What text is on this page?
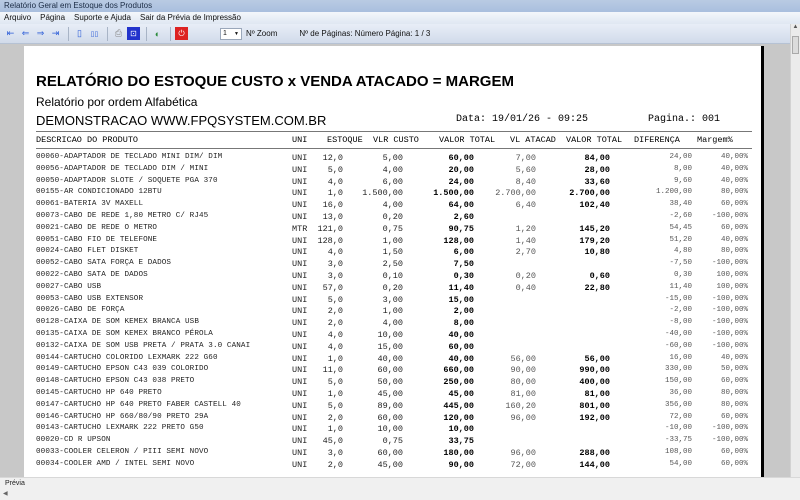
Relatório Geral em Estoque dos Produtos
Arquivo Página Suporte e Ajuda Sair da Prévia de Impressão
⇤ ⇐ ⇒ ⇥	▯	▯▯	⎙	⊡	◐	⏻	1 ▼ Nº Zoom	Nº de Páginas: Número Página: 1 / 3
RELATÓRIO DO ESTOQUE CUSTO x VENDA ATACADO = MARGEM
Relatório por ordem Alfabética
DEMONSTRACAO WWW.FPQSYSTEM.COM.BR	Data: 19/01/26 - 09:25	Pagina.: 001
DESCRICAO DO PRODUTO	UNI ESTOQUE VLR CUSTO VALOR TOTAL VL ATACAD VALOR TOTAL DIFERENÇA Margem%
00060-ADAPTADOR DE TECLADO MINI DIM/ DIM	UNI 12,0	5,00	60,00	7,00	84,00	24,00	40,00%
00056-ADAPTADOR DE TECLADO DIM / MINI	UNI 5,0	4,00	20,00	5,60	28,00	8,00	40,00%
00050-ADAPTADOR SLOTE / SOQUETE PGA 370	UNI 4,0	6,00	24,00	8,40	33,60	9,60	40,00%
00155-AR CONDICIONADO 12BTU	UNI 1,0 1.500,00	1.500,00 2.700,00	2.700,00	1.200,00	80,00%
00061-BATERIA 3V MAXELL	UNI 16,0	4,00	64,00	6,40	102,40	38,40	60,00%
00073-CABO DE REDE 1,80 METRO C/ RJ45	UNI 13,0	0,20	2,60	-2,60	-100,00%
00021-CABO DE REDE O METRO	MTR 121,0	0,75	90,75	1,20	145,20	54,45	60,00%
00051-CABO FIO DE TELEFONE	UNI 128,0	1,00	128,00	1,40	179,20	51,20	40,00%
00024-CABO FLET DISKET	UNI 4,0	1,50	6,00	2,70	10,80	4,80	80,00%
00052-CABO SATA FORÇA E DADOS	UNI 3,0	2,50	7,50	-7,50	-100,00%
00022-CABO SATA DE DADOS	UNI 3,0	0,10	0,30	0,20	0,60	0,30	100,00%
00027-CABO USB	UNI 57,0	0,20	11,40	0,40	22,80	11,40	100,00%
00053-CABO USB EXTENSOR	UNI 5,0	3,00	15,00	-15,00	-100,00%
00026-CABO DE FORÇA	UNI 2,0	1,00	2,00	-2,00	-100,00%
00128-CAIXA DE SOM KEMEX BRANCA USB	UNI 2,0	4,00	8,00	-8,00	-100,00%
00135-CAIXA DE SOM KEMEX BRANCO PÉROLA	UNI 4,0	10,00	40,00	-40,00	-100,00%
00132-CAIXA DE SOM USB PRETA / PRATA 3.0 CANAI	UNI 4,0	15,00	60,00	-60,00	-100,00%
00144-CARTUCHO COLORIDO LEXMARK 222 G60	UNI 1,0	40,00	40,00	56,00	56,00	16,00	40,00%
00149-CARTUCHO EPSON C43 039 COLORIDO	UNI 11,0	60,00	660,00	90,00	990,00	330,00	50,00%
00148-CARTUCHO EPSON C43 038 PRETO	UNI 5,0	50,00	250,00	80,00	400,00	150,00	60,00%
00145-CARTUCHO HP 640 PRETO	UNI 1,0	45,00	45,00	81,00	81,00	36,00	80,00%
00147-CARTUCHO HP 640 PRETO FABER CASTELL 40	UNI 5,0	89,00	445,00	160,20	801,00	356,00	80,00%
00146-CARTUCHO HP 660/80/90 PRETO 29A	UNI 2,0	60,00	120,00	96,00	192,00	72,00	60,00%
00143-CARTUCHO LEXMARK 222 PRETO G50	UNI 1,0	10,00	10,00	-10,00	-100,00%
00020-CD R UPSON	UNI 45,0	0,75	33,75	-33,75	-100,00%
00033-COOLER CELERON / PIII SEMI NOVO	UNI 3,0	60,00	180,00	96,00	288,00	108,00	60,00%
00034-COOLER AMD / INTEL SEMI NOVO	UNI 2,0	45,00	90,00	72,00	144,00	54,00	60,00%
▲
Prévia
◀
